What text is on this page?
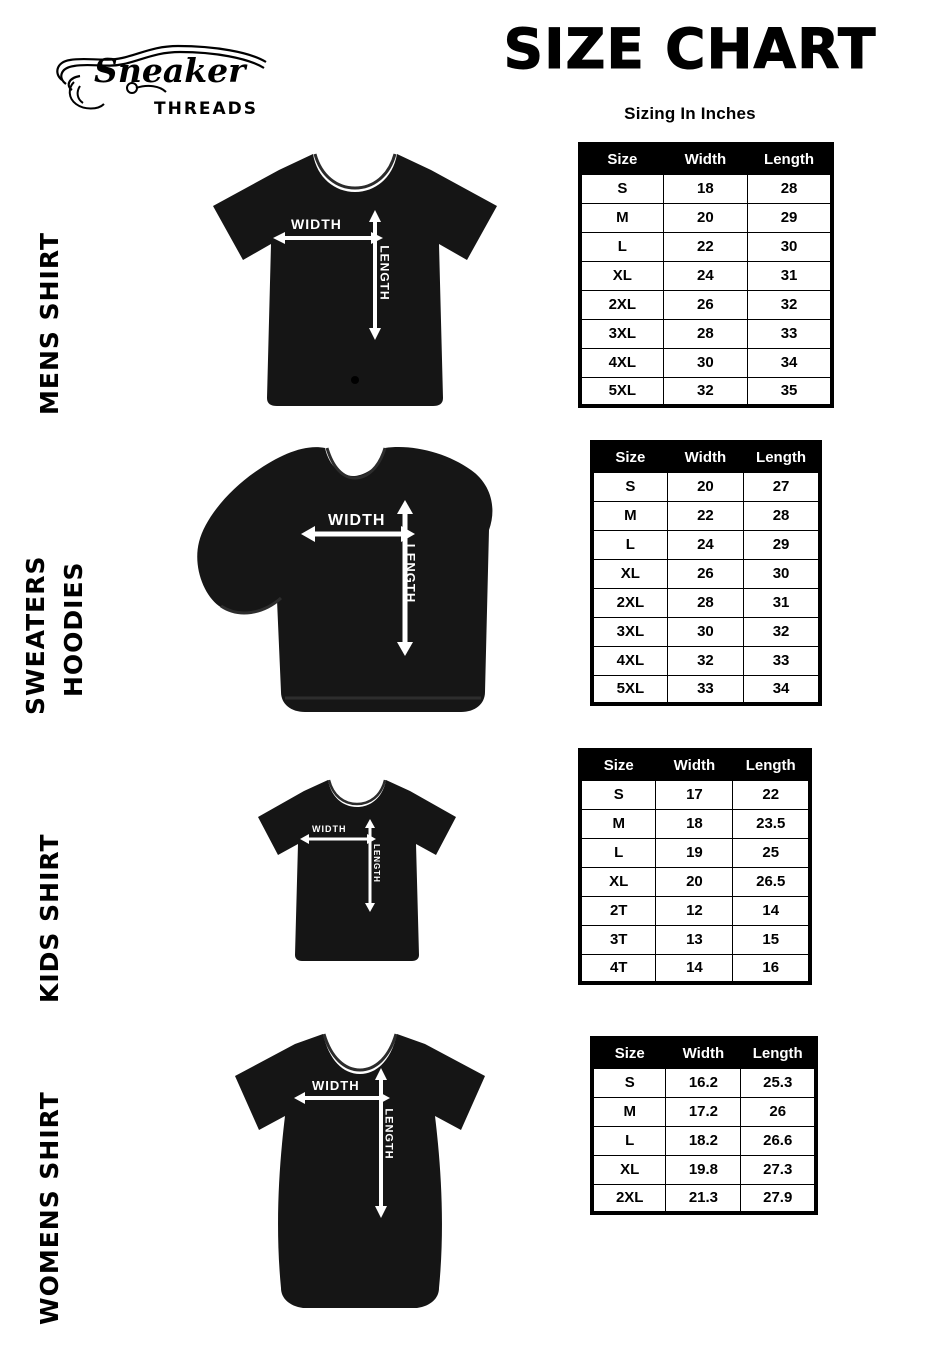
Sneaker
THREADS
SIZE CHART
Sizing In Inches
MENS SHIRT
WIDTH
LENGTH
Size	Width	Length
S	18	28
M	20	29
L	22	30
XL	24	31
2XL	26	32
3XL	28	33
4XL	30	34
5XL	32	35
SWEATERS HOODIES
WIDTH
LENGTH
Size	Width	Length
S	20	27
M	22	28
L	24	29
XL	26	30
2XL	28	31
3XL	30	32
4XL	32	33
5XL	33	34
KIDS SHIRT
WIDTH
LENGTH
Size	Width	Length
S	17	22
M	18	23.5
L	19	25
XL	20	26.5
2T	12	14
3T	13	15
4T	14	16
WOMENS SHIRT
WIDTH
LENGTH
Size	Width	Length
S	16.2	25.3
M	17.2	26
L	18.2	26.6
XL	19.8	27.3
2XL	21.3	27.9
